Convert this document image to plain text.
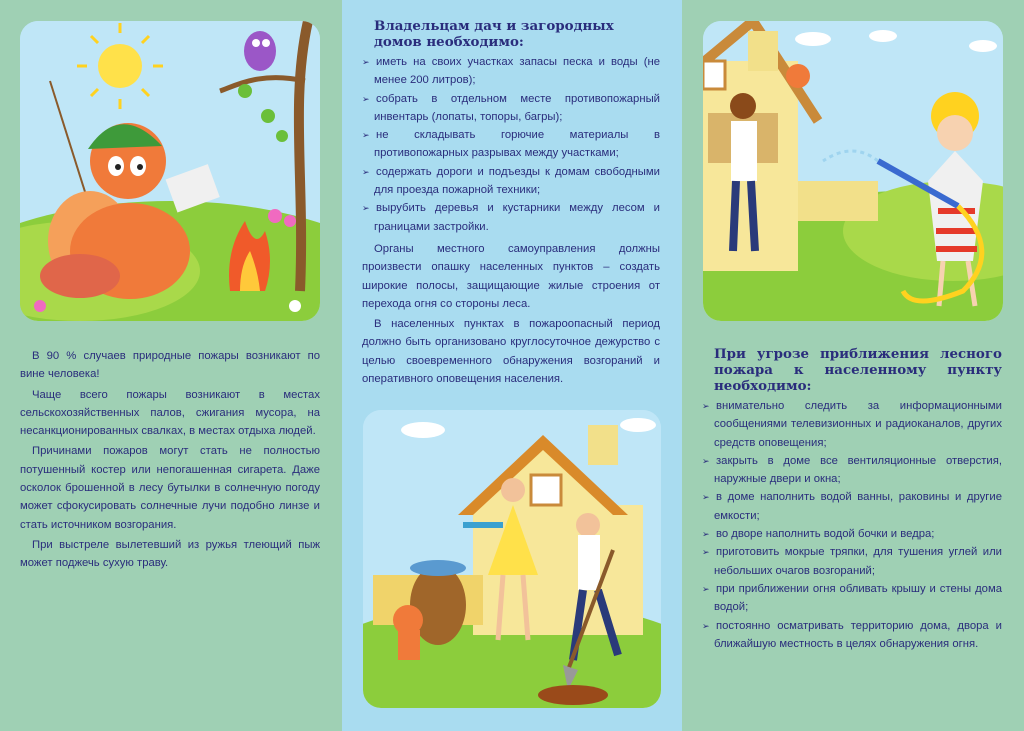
В 90 % случаев природные пожары возникают по вине человека!

Чаще всего пожары возникают в местах сельскохозяйственных палов, сжигания мусора, на несанкционированных свалках, в местах отдыха людей.

Причинами пожаров могут стать не полностью потушенный костер или непогашенная сигарета. Даже осколок брошенной в лесу бутылки в солнечную погоду может сфокусировать солнечные лучи подобно линзе и стать источником возгорания.

При выстреле вылетевший из ружья тлеющий пыж может поджечь сухую траву.

Владельцам дач и загородных домов необходимо:
➢ иметь на своих участках запасы песка и воды (не менее 200 литров);
➢ собрать в отдельном месте противопожарный инвентарь (лопаты, топоры, багры);
➢ не складывать горючие материалы в противопожарных разрывах между участками;
➢ содержать дороги и подъезды к домам свободными для проезда пожарной техники;
➢ вырубить деревья и кустарники между лесом и границами застройки.

Органы местного самоуправления должны произвести опашку населенных пунктов – создать широкие полосы, защищающие жилые строения от перехода огня со стороны леса.

В населенных пунктах в пожароопасный период должно быть организовано круглосуточное дежурство с целью своевременного обнаружения возгораний и оперативного оповещения населения.

При угрозе приближения лесного пожара к населенному пункту необходимо:
➢ внимательно следить за информационными сообщениями телевизионных и радиоканалов, других средств оповещения;
➢ закрыть в доме все вентиляционные отверстия, наружные двери и окна;
➢ в доме наполнить водой ванны, раковины и другие емкости;
➢ во дворе наполнить водой бочки и ведра;
➢ приготовить мокрые тряпки, для тушения углей или небольших очагов возгораний;
➢ при приближении огня обливать крышу и стены дома водой;
➢ постоянно осматривать территорию дома, двора и ближайшую местность в целях обнаружения огня.
